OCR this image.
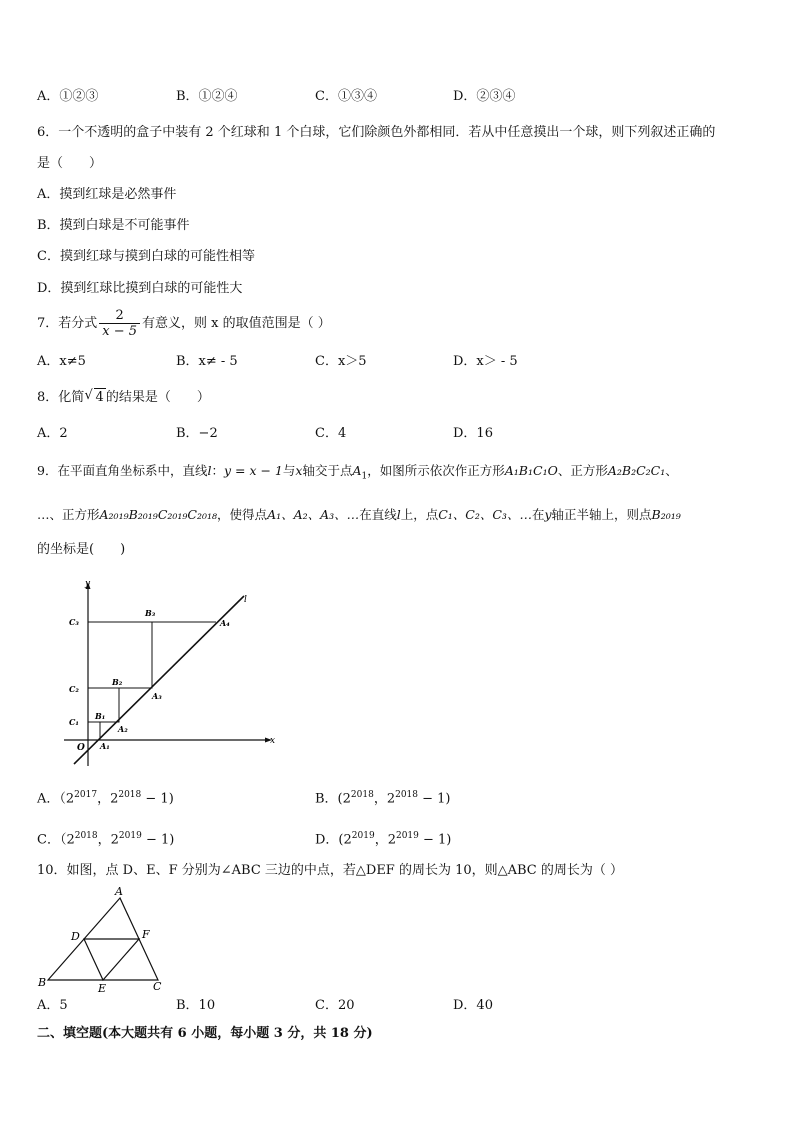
A．①②③	B．①②④	C．①③④	D．②③④
6．一个不透明的盒子中装有 2 个红球和 1 个白球，它们除颜色外都相同．若从中任意摸出一个球，则下列叙述正确的
是（　　）
A．摸到红球是必然事件
B．摸到白球是不可能事件
C．摸到红球与摸到白球的可能性相等
D．摸到红球比摸到白球的可能性大
7．若分式 $\frac{2}{x - 5}$ 有意义，则 x 的取值范围是（ ）
A．x≠5	B．x≠ - 5	C．x＞5	D．x＞ - 5
8．化简  √ 4 的结果是（　　）
A．2	B．−2	C．4	D．16
9．在平面直角坐标系中，直线l：y = x − 1与x轴交于点$A_1$，如图所示依次作正方形A₁B₁C₁O、正方形A₂B₂C₂C₁、
…、正方形A₂₀₁₉B₂₀₁₉C₂₀₁₉C₂₀₁₈，使得点A₁、A₂、A₃、…在直线l上，点C₁、C₂、C₃、…在y轴正半轴上，则点B₂₀₁₉
的坐标是(　　)
y
x
l
O
C₁
C₂
C₃
B₁
B₂
B₃
A₁
A₂
A₃
A₄
A．（$2^{2017}$，$2^{2018} - 1$)	B．($2^{2018}$，$2^{2018} - 1$)
C．（$2^{2018}$，$2^{2019} - 1$)	D．($2^{2019}$，$2^{2019} - 1$)
10．如图，点 D、E、F 分别为∠ABC 三边的中点，若△DEF 的周长为 10，则△ABC 的周长为（ ）
A
B	C
D
E
F
A．5	B．10	C．20	D．40
二、填空题(本大题共有 6 小题，每小题 3 分，共 18 分)
